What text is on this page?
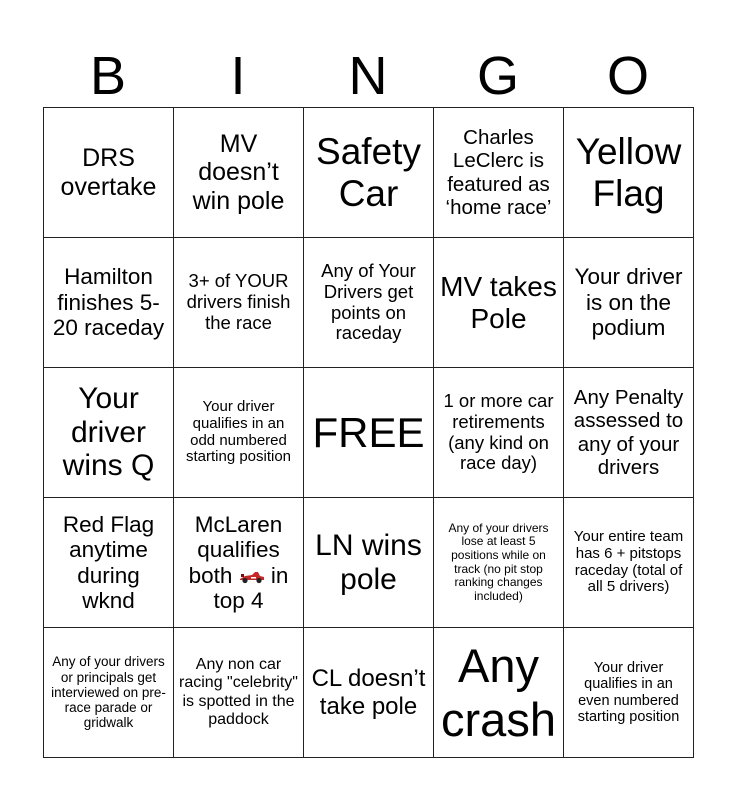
B	I	N	G	O
DRS overtake	MV doesn’t win pole	Safety Car	Charles LeClerc is featured as ‘home race’	Yellow Flag
Hamilton finishes 5-20 raceday	3+ of YOUR drivers finish the race	Any of Your Drivers get points on raceday	MV takes Pole	Your driver is on the podium
Your driver wins Q	Your driver qualifies in an odd numbered starting position	FREE	1 or more car retirements (any kind on race day)	Any Penalty assessed to any of your drivers
Red Flag anytime during wknd	McLaren qualifies both in top 4	LN wins pole	Any of your drivers lose at least 5 positions while on track (no pit stop ranking changes included)	Your entire team has 6 + pitstops raceday (total of all 5 drivers)
Any of your drivers or principals get interviewed on pre-race parade or gridwalk	Any non car racing "celebrity" is spotted in the paddock	CL doesn’t take pole	Any crash	Your driver qualifies in an even numbered starting position
